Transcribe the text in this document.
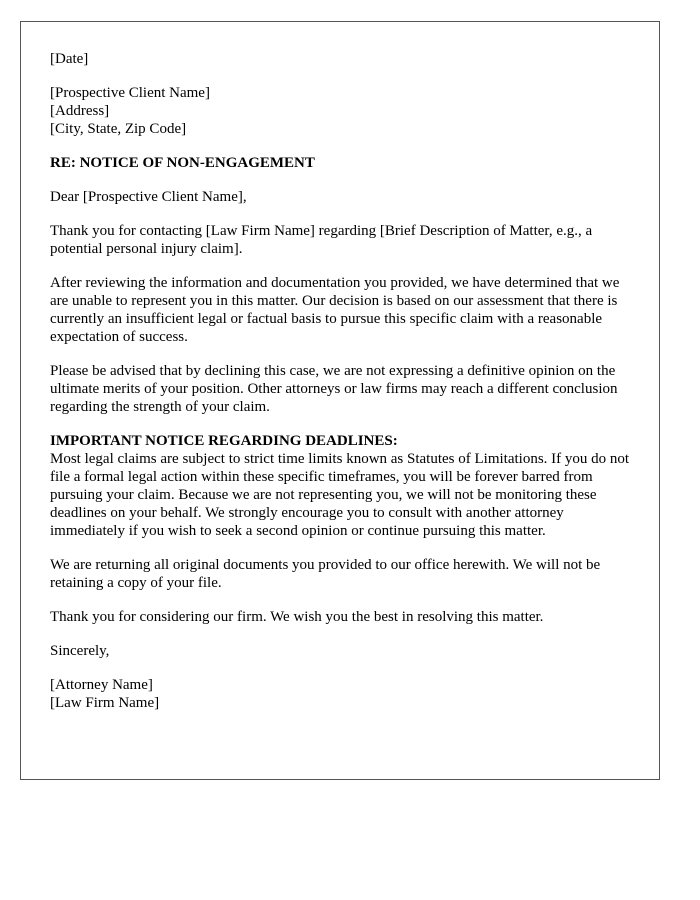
[Date]

[Prospective Client Name]
[Address]
[City, State, Zip Code]

RE: NOTICE OF NON-ENGAGEMENT

Dear [Prospective Client Name],

Thank you for contacting [Law Firm Name] regarding [Brief Description of Matter, e.g., a potential personal injury claim].

After reviewing the information and documentation you provided, we have determined that we are unable to represent you in this matter. Our decision is based on our assessment that there is currently an insufficient legal or factual basis to pursue this specific claim with a reasonable expectation of success.

Please be advised that by declining this case, we are not expressing a definitive opinion on the ultimate merits of your position. Other attorneys or law firms may reach a different conclusion regarding the strength of your claim.

IMPORTANT NOTICE REGARDING DEADLINES:
Most legal claims are subject to strict time limits known as Statutes of Limitations. If you do not file a formal legal action within these specific timeframes, you will be forever barred from pursuing your claim. Because we are not representing you, we will not be monitoring these deadlines on your behalf. We strongly encourage you to consult with another attorney immediately if you wish to seek a second opinion or continue pursuing this matter.

We are returning all original documents you provided to our office herewith. We will not be retaining a copy of your file.

Thank you for considering our firm. We wish you the best in resolving this matter.

Sincerely,

[Attorney Name]
[Law Firm Name]
